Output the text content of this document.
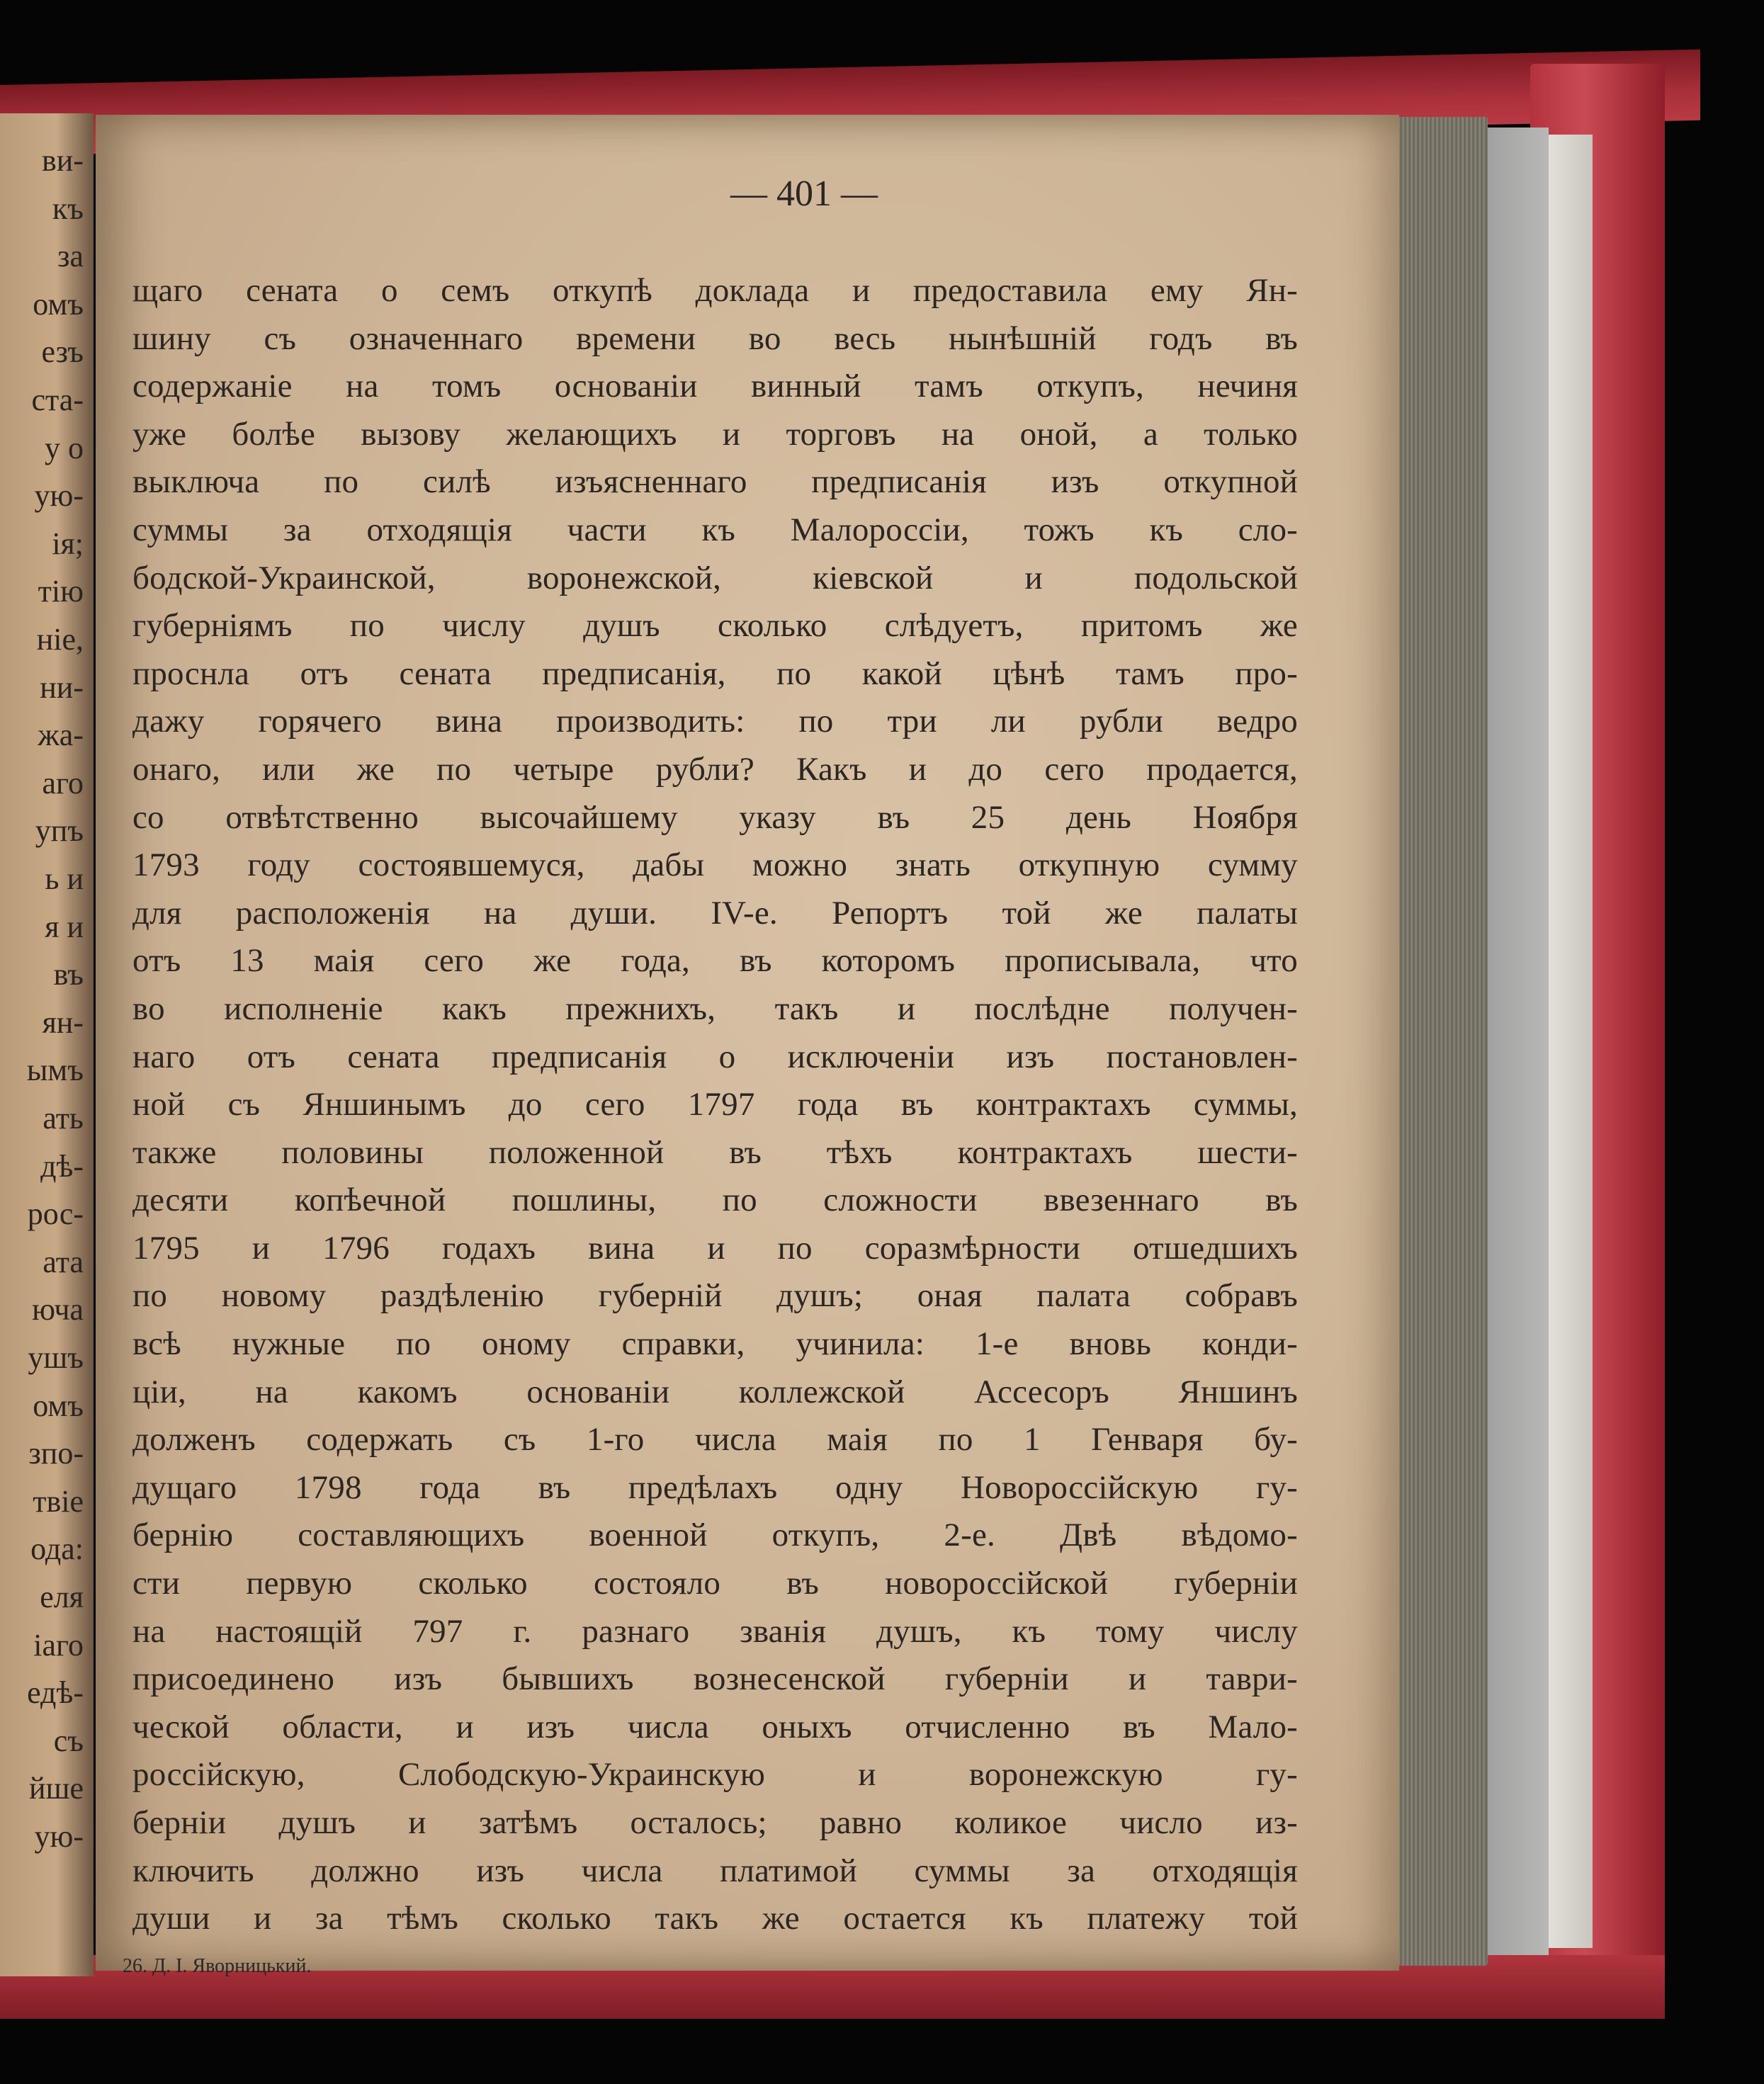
ви-
къ
за
омъ
езъ
ста-
у о
ую-
ія;
тію
ніе,
ни-
жа-
аго
упъ
ь и
я и
въ
ян-
ымъ
ать
дѣ-
рос-
ата
юча
ушъ
омъ
зпо-
твіе
ода:
еля
іаго
едѣ-
съ
йше
ую-
— 401 —
щаго сената о семъ откупѣ доклада и предоставила ему Ян-
шину съ означеннаго времени во весь нынѣшній годъ въ
содержаніе на томъ основаніи винный тамъ откупъ, нечиня
уже болѣе вызову желающихъ и торговъ на оной, а только
выключа по силѣ изъясненнаго предписанія изъ откупной
суммы за отходящія части къ Малороссіи, тожъ къ сло-
бодской-Украинской, воронежской, кіевской и подольской
губерніямъ по числу душъ сколько слѣдуетъ, притомъ же
проснла отъ сената предписанія, по какой цѣнѣ тамъ про-
дажу горячего вина производить: по три ли рубли ведро
онаго, или же по четыре рубли? Какъ и до сего продается,
со отвѣтственно высочайшему указу въ 25 день Ноября
1793 году состоявшемуся, дабы можно знать откупную сумму
для расположенія на души. IV-е. Репортъ той же палаты
отъ 13 маія сего же года, въ которомъ прописывала, что
во исполненіе какъ прежнихъ, такъ и послѣдне получен-
наго отъ сената предписанія о исключеніи изъ постановлен-
ной съ Яншинымъ до сего 1797 года въ контрактахъ суммы,
также половины положенной въ тѣхъ контрактахъ шести-
десяти копѣечной пошлины, по сложности ввезеннаго въ
1795 и 1796 годахъ вина и по соразмѣрности отшедшихъ
по новому раздѣленію губерній душъ; оная палата собравъ
всѣ нужные по оному справки, учинила: 1-е вновь конди-
ціи, на какомъ основаніи коллежской Ассесоръ Яншинъ
долженъ содержать съ 1-го числа маія по 1 Генваря бу-
дущаго 1798 года въ предѣлахъ одну Новороссійскую гу-
бернію составляющихъ военной откупъ, 2-е. Двѣ вѣдомо-
сти первую сколько состояло въ новороссійской губерніи
на настоящій 797 г. разнаго званія душъ, къ тому числу
присоединено изъ бывшихъ вознесенской губерніи и таври-
ческой области, и изъ числа оныхъ отчисленно въ Мало-
россійскую, Слободскую-Украинскую и воронежскую гу-
берніи душъ и затѣмъ осталось; равно коликое число из-
ключить должно изъ числа платимой суммы за отходящія
души и за тѣмъ сколько такъ же остается къ платежу той
26. Д. І. Яворницький.
